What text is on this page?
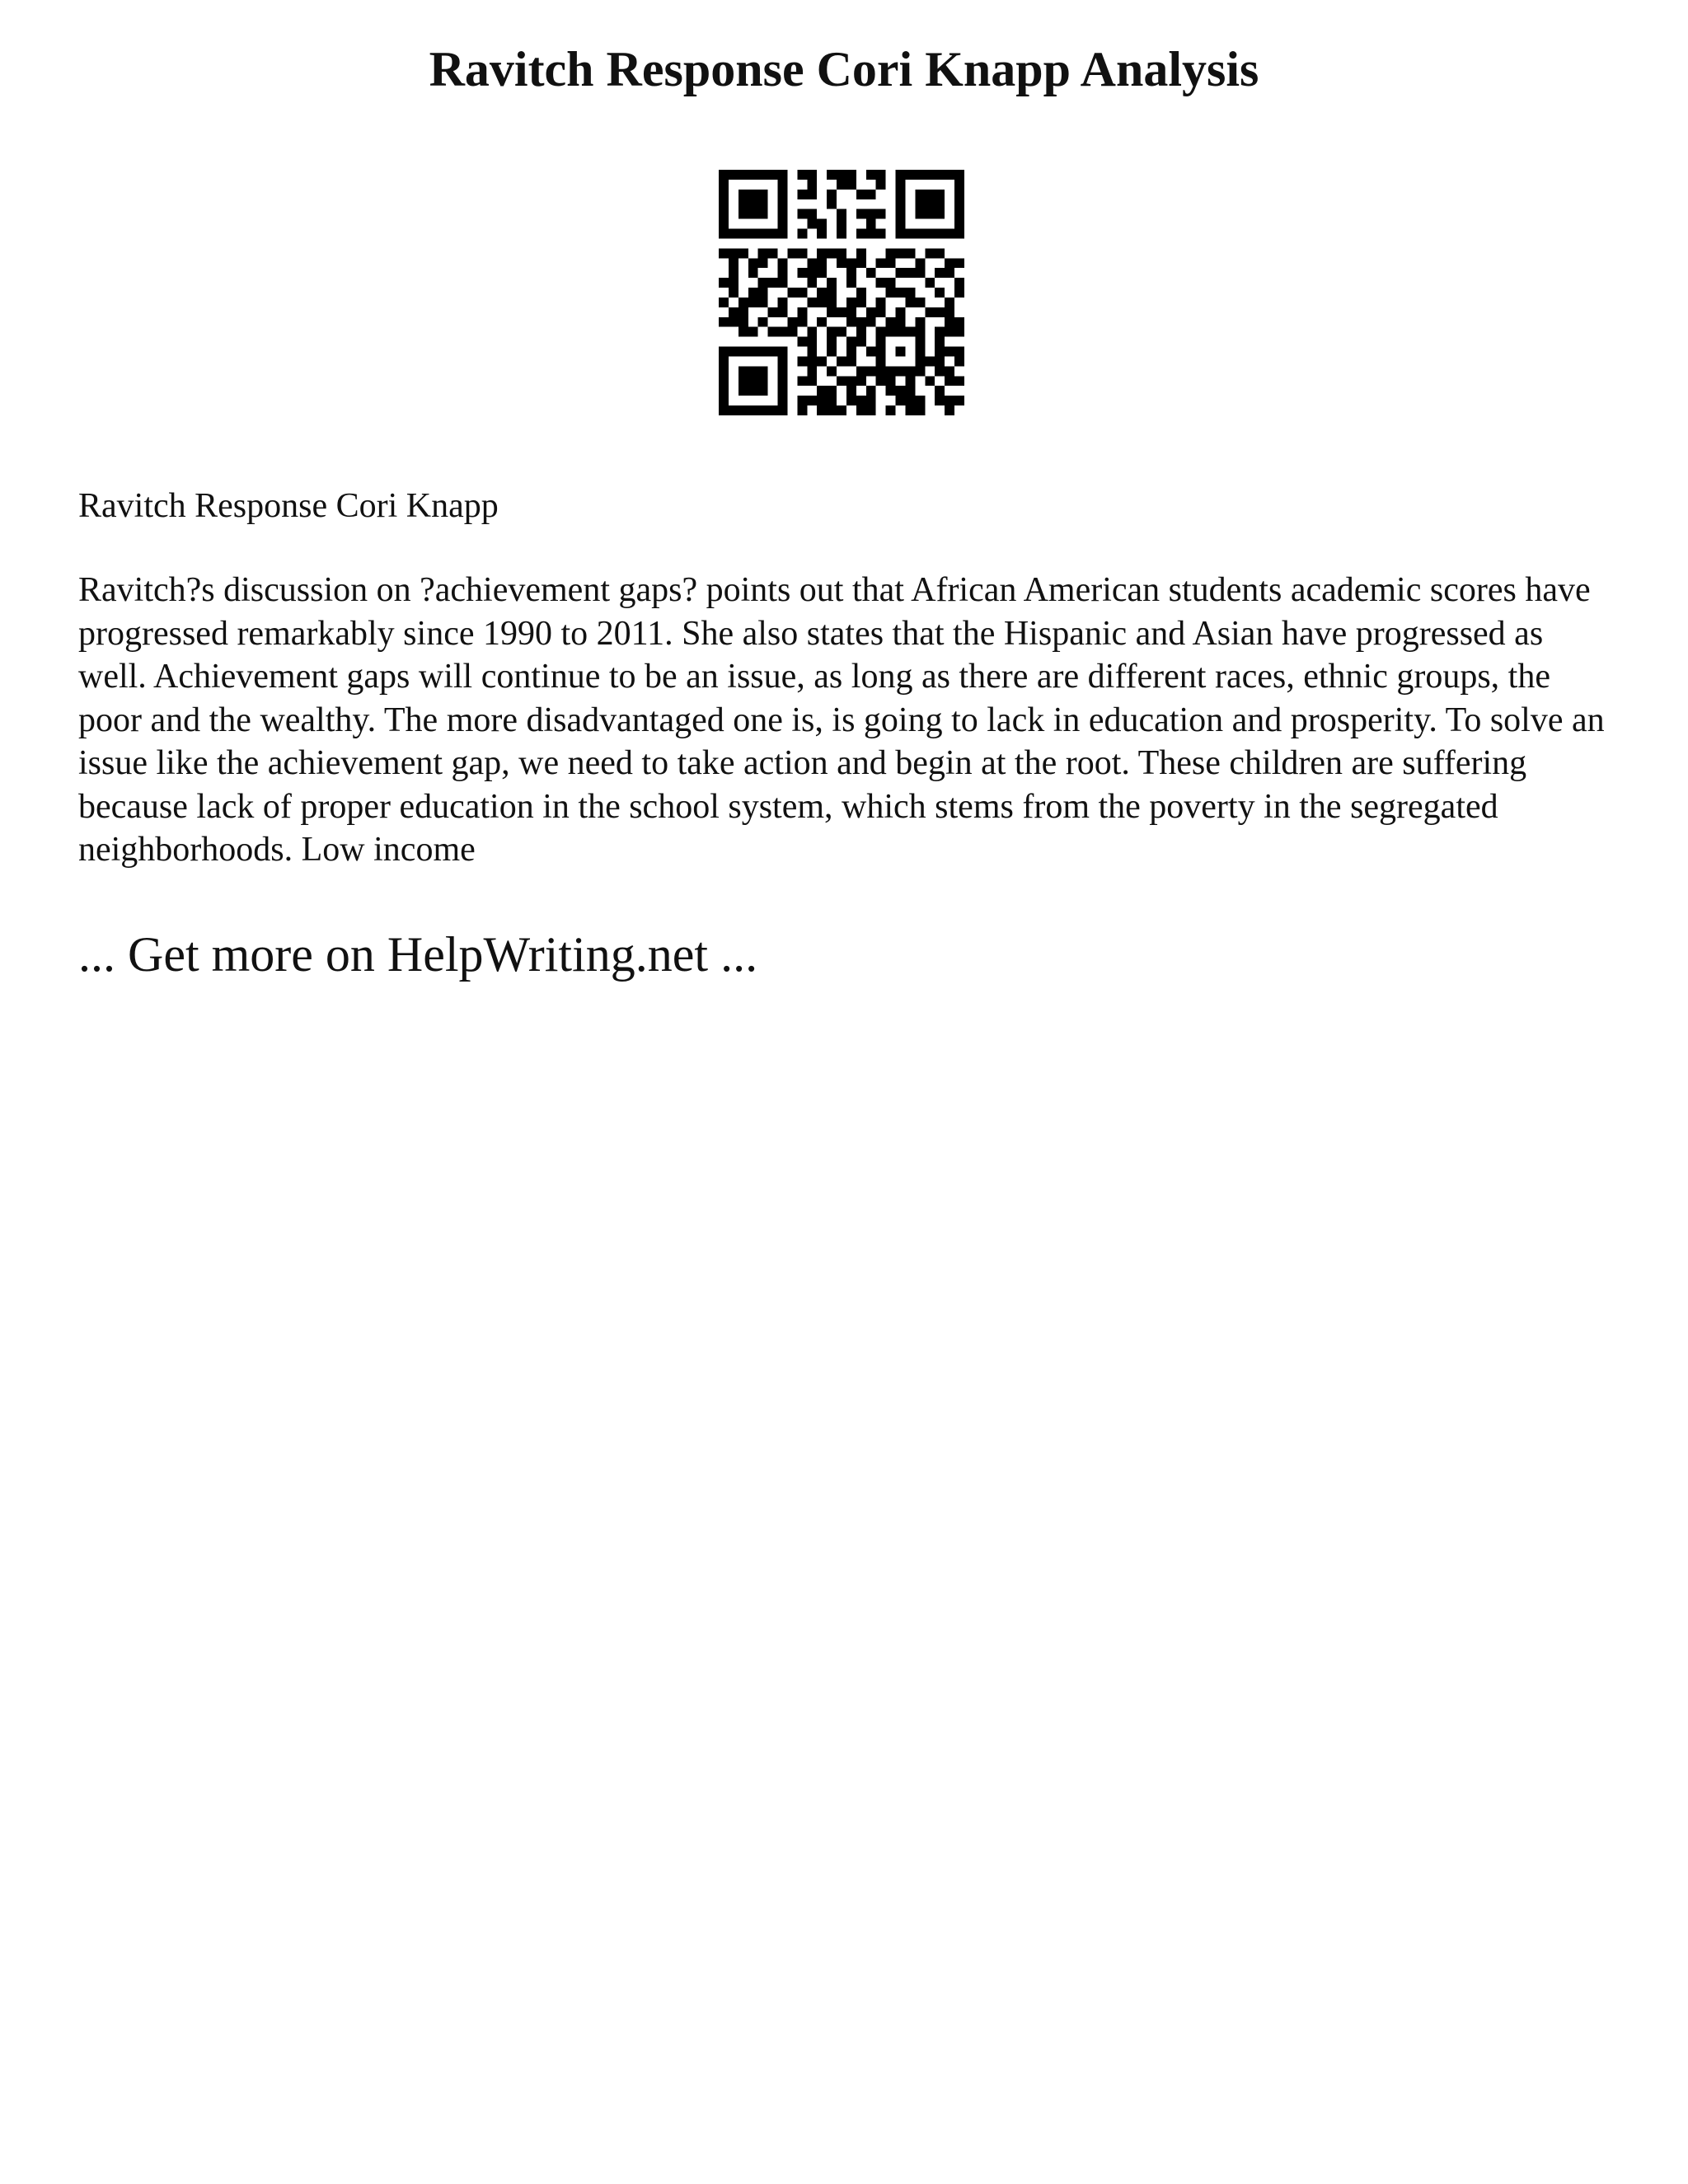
Ravitch Response Cori Knapp Analysis

Ravitch Response Cori Knapp

Ravitch?s discussion on ?achievement gaps? points out that African American students academic scores have progressed remarkably since 1990 to 2011. She also states that the Hispanic and Asian have progressed as well. Achievement gaps will continue to be an issue, as long as there are different races, ethnic groups, the poor and the wealthy. The more disadvantaged one is, is going to lack in education and prosperity. To solve an issue like the achievement gap, we need to take action and begin at the root. These children are suffering because lack of proper education in the school system, which stems from the poverty in the segregated neighborhoods. Low income

... Get more on HelpWriting.net ...
